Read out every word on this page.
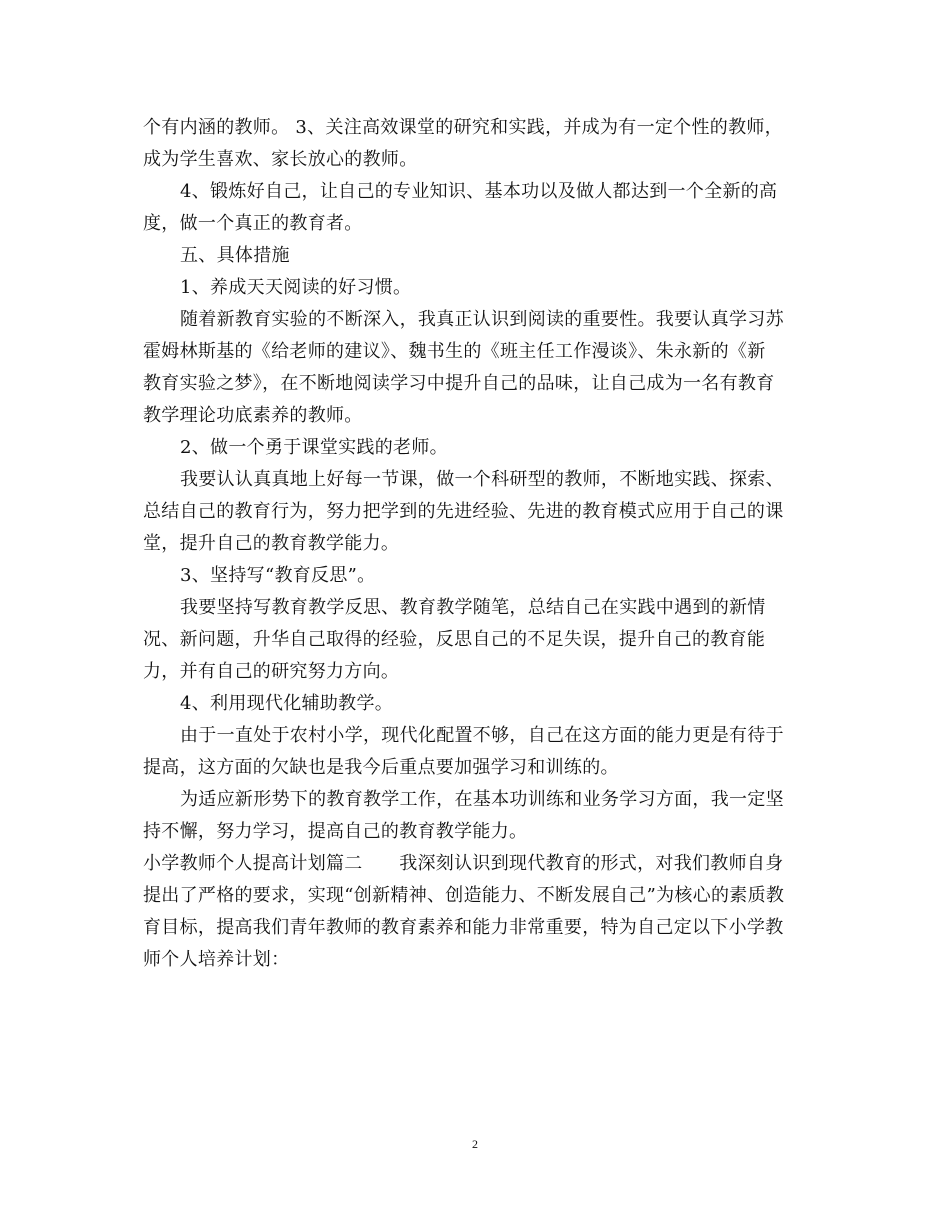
个有内涵的教师。 3、关注高效课堂的研究和实践，并成为有一定个性的教师，
成为学生喜欢、家长放心的教师。
4、锻炼好自己，让自己的专业知识、基本功以及做人都达到一个全新的高
度，做一个真正的教育者。
五、具体措施
1、养成天天阅读的好习惯。
随着新教育实验的不断深入，我真正认识到阅读的重要性。我要认真学习苏
霍姆林斯基的《给老师的建议》、魏书生的《班主任工作漫谈》、朱永新的《新
教育实验之梦》，在不断地阅读学习中提升自己的品味，让自己成为一名有教育
教学理论功底素养的教师。
2、做一个勇于课堂实践的老师。
我要认认真真地上好每一节课，做一个科研型的教师，不断地实践、探索、
总结自己的教育行为，努力把学到的先进经验、先进的教育模式应用于自己的课
堂，提升自己的教育教学能力。
3、坚持写“教育反思”。
我要坚持写教育教学反思、教育教学随笔，总结自己在实践中遇到的新情
况、新问题，升华自己取得的经验，反思自己的不足失误，提升自己的教育能
力，并有自己的研究努力方向。
4、利用现代化辅助教学。
由于一直处于农村小学，现代化配置不够，自己在这方面的能力更是有待于
提高，这方面的欠缺也是我今后重点要加强学习和训练的。
为适应新形势下的教育教学工作，在基本功训练和业务学习方面，我一定坚
持不懈，努力学习，提高自己的教育教学能力。
小学教师个人提高计划篇二　　我深刻认识到现代教育的形式，对我们教师自身
提出了严格的要求，实现“创新精神、创造能力、不断发展自己”为核心的素质教
育目标，提高我们青年教师的教育素养和能力非常重要，特为自己定以下小学教
师个人培养计划：
2
